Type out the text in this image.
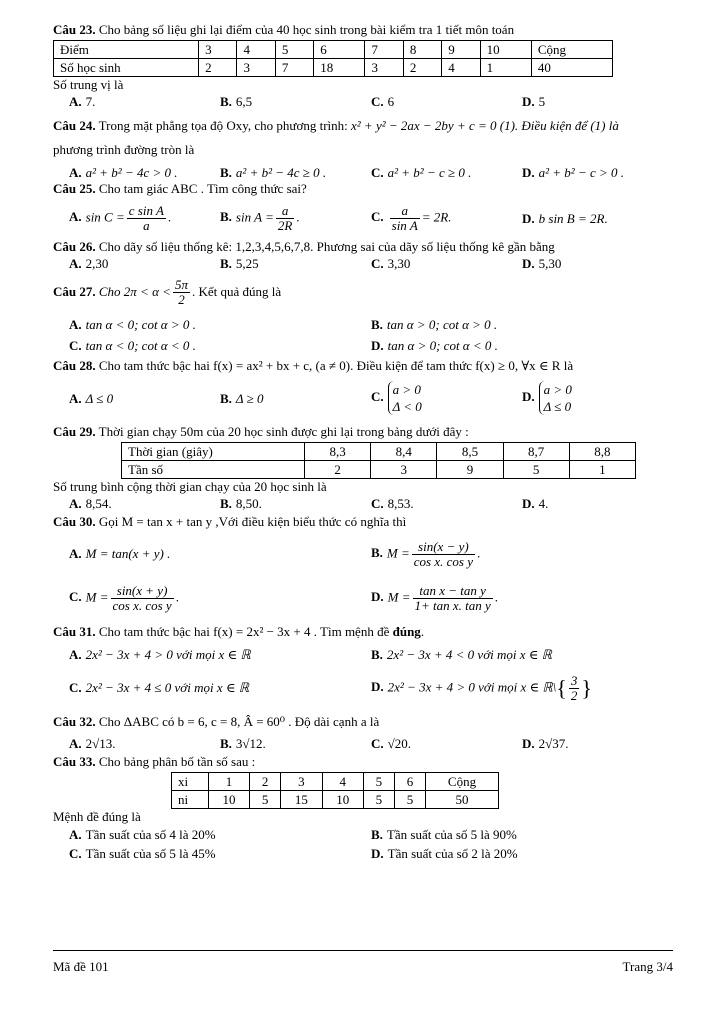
Câu 23. Cho bảng số liệu ghi lại điểm của 40 học sinh trong bài kiểm tra 1 tiết môn toán

Điểm	3	4	5	6	7	8	9	10	Cộng
Số học sinh	2	3	7	18	3	2	4	1	40

Số trung vị là

A. 7.	B. 6,5	C. 6	D. 5

Câu 24. Trong mặt phẳng tọa độ Oxy, cho phương trình: x² + y² − 2ax − 2by + c = 0 (1). Điều kiện để (1) là

phương trình đường tròn là

A. a² + b² − 4c > 0 .	B. a² + b² − 4c ≥ 0 .	C. a² + b² − c ≥ 0 .	D. a² + b² − c > 0 .

Câu 25. Cho tam giác ABC . Tìm công thức sai?

A. $\sin C = \frac{\text{c sin A}}{a}$ .	B. $\sin A = \frac{a}{2R}$ .	C. $\frac{a}{\text{sin A}} = 2R$.	D. b sin B = 2R.

Câu 26. Cho dãy số liệu thống kê: 1,2,3,4,5,6,7,8. Phương sai của dãy số liệu thống kê gần bằng

A. 2,30	B. 5,25	C. 3,30	D. 5,30
Câu 27.
Cho $2\pi < \alpha < \frac{5\pi}{2}$ . Kết quả đúng là
A. tan α < 0; cot α > 0 .	B. tan α > 0; cot α > 0 .
C. tan α < 0; cot α < 0 .	D. tan α > 0; cot α < 0 .

Câu 28. Cho tam thức bậc hai f(x) = ax² + bx + c, (a ≠ 0). Điều kiện để tam thức f(x) ≥ 0, ∀x ∈ R là

A. Δ ≤ 0	B. Δ ≥ 0	C. a > 0
Δ < 0
D. a > 0
Δ ≤ 0

Câu 29. Thời gian chạy 50m của 20 học sinh được ghi lại trong bảng dưới đây :

Thời gian (giây)	8,3	8,4	8,5	8,7	8,8
Tần số	2	3	9	5	1

Số trung bình cộng thời gian chạy của 20 học sinh là

A. 8,54.	B. 8,50.	C. 8,53.	D. 4.

Câu 30. Gọi M = tan x + tan y ,Với điều kiện biểu thức có nghĩa thì

A. M = tan(x + y) .	B. $M = \frac{\sin(x - y)}{\text{cos x. cos y}}$ .
C. $M = \frac{\sin(x + y)}{\text{cos x. cos y}}$ .	D. $M = \frac{\text{tan x − tan y}}{\text{1+ tan x. tan y}}$ .

Câu 31. Cho tam thức bậc hai f(x) = 2x² − 3x + 4 . Tìm mệnh đề đúng.

A. 2x² − 3x + 4 > 0 với mọi x ∈ ℝ	B. 2x² − 3x + 4 < 0 với mọi x ∈ ℝ
C. 2x² − 3x + 4 ≤ 0 với mọi x ∈ ℝ	D. 2x² − 3x + 4 > 0 với mọi x ∈ ℝ\{ $\frac{3}{2}$ }

Câu 32. Cho ΔABC có b = 6, c = 8, Â = 60⁰ . Độ dài cạnh a là

A. 2√13.	B. 3√12.	C. √20.	D. 2√37.

Câu 33. Cho bảng phân bố tần số sau :

xi	1	2	3	4	5	6	Cộng
ni	10	5	15	10	5	5	50

Mệnh đề đúng là

A. Tần suất của số 4 là 20%	B. Tần suất của số 5 là 90%
C. Tần suất của số 5 là 45%	D. Tần suất của số 2 là 20%
Mã đề 101	Trang 3/4
